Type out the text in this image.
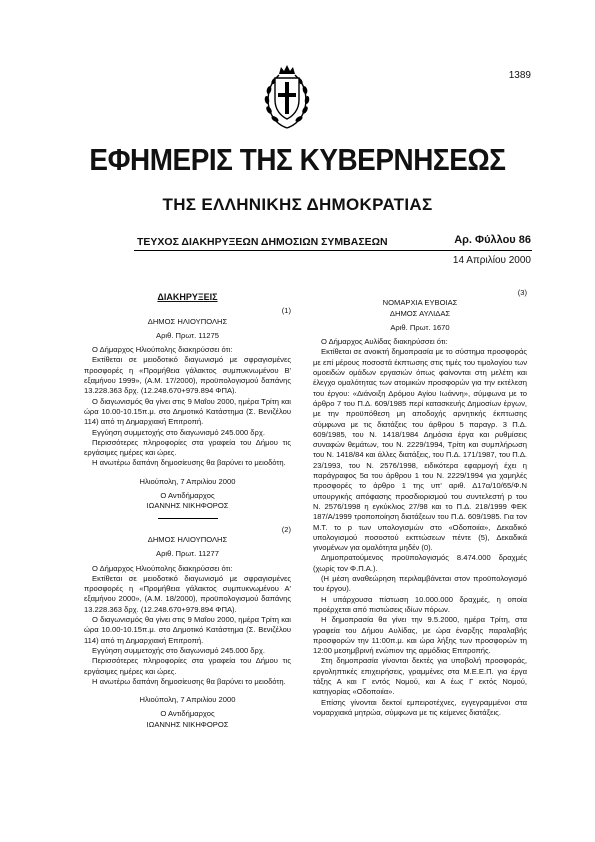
1389
ΕΦΗΜΕΡΙΣ ΤΗΣ ΚΥΒΕΡΝΗΣΕΩΣ
ΤΗΣ ΕΛΛΗΝΙΚΗΣ ΔΗΜΟΚΡΑΤΙΑΣ
ΤΕΥΧΟΣ ΔΙΑΚΗΡΥΞΕΩΝ ΔΗΜΟΣΙΩΝ ΣΥΜΒΑΣΕΩΝ	Αρ. Φύλλου 86
14 Απριλίου 2000
ΔΙΑΚΗΡΥΞΕΙΣ
(1)
ΔΗΜΟΣ ΗΛΙΟΥΠΟΛΗΣ
Αριθ. Πρωτ. 11275

Ο Δήμαρχος Ηλιούπολης διακηρύσσει ότι:

Εκτίθεται σε μειοδοτικό διαγωνισμό με σφραγισμένες προσφορές η «Προμήθεια γάλακτος συμπυκνωμένου Β' εξαμήνου 1999», (Α.Μ. 17/2000), προϋπολογισμού δαπάνης 13.228.363 δρχ. (12.248.670+979.894 ΦΠΑ).

Ο διαγωνισμός θα γίνει στις 9 Μαΐου 2000, ημέρα Τρίτη και ώρα 10.00-10.15π.μ. στο Δημοτικό Κατάστημα (Σ. Βενιζέλου 114) από τη Δημαρχιακή Επιτροπή.

Εγγύηση συμμετοχής στο διαγωνισμό 245.000 δρχ.

Περισσότερες πληροφορίες στα γραφεία του Δήμου τις εργάσιμες ημέρες και ώρες.

Η ανωτέρω δαπάνη δημοσίευσης θα βαρύνει το μειοδότη.

Ηλιούπολη, 7 Απριλίου 2000
Ο Αντιδήμαρχος
ΙΩΑΝΝΗΣ ΝΙΚΗΦΟΡΟΣ
(2)
ΔΗΜΟΣ ΗΛΙΟΥΠΟΛΗΣ
Αριθ. Πρωτ. 11277

Ο Δήμαρχος Ηλιούπολης διακηρύσσει ότι:

Εκτίθεται σε μειοδοτικό διαγωνισμό με σφραγισμένες προσφορές η «Προμήθεια γάλακτος συμπυκνωμένου Α' εξαμήνου 2000», (Α.Μ. 18/2000), προϋπολογισμού δαπάνης 13.228.363 δρχ. (12.248.670+979.894 ΦΠΑ).

Ο διαγωνισμός θα γίνει στις 9 Μαΐου 2000, ημέρα Τρίτη και ώρα 10.00-10.15π.μ. στο Δημοτικό Κατάστημα (Σ. Βενιζέλου 114) από τη Δημαρχιακή Επιτροπή.

Εγγύηση συμμετοχής στο διαγωνισμό 245.000 δρχ.

Περισσότερες πληροφορίες στα γραφεία του Δήμου τις εργάσιμες ημέρες και ώρες.

Η ανωτέρω δαπάνη δημοσίευσης θα βαρύνει το μειοδότη.

Ηλιούπολη, 7 Απριλίου 2000
Ο Αντιδήμαρχος
ΙΩΑΝΝΗΣ ΝΙΚΗΦΟΡΟΣ
(3)
ΝΟΜΑΡΧΙΑ ΕΥΒΟΙΑΣ
ΔΗΜΟΣ ΑΥΛΙΔΑΣ
Αριθ. Πρωτ. 1670

Ο Δήμαρχος Αυλίδας διακηρύσσει ότι:

Εκτίθεται σε ανοικτή δημοπρασία με το σύστημα προσφοράς με επί μέρους ποσοστά έκπτωσης στις τιμές του τιμολογίου των ομοειδών ομάδων εργασιών όπως φαίνονται στη μελέτη και έλεγχο ομαλότητας των ατομικών προσφορών για την εκτέλεση του έργου: «Διάνοιξη Δρόμου Αγίου Ιωάννη», σύμφωνα με το άρθρο 7 του Π.Δ. 609/1985 περί κατασκευής Δημοσίων έργων, με την προϋπόθεση μη αποδοχής αρνητικής έκπτωσης σύμφωνα με τις διατάξεις του άρθρου 5 παραγρ. 3 Π.Δ. 609/1985, του Ν. 1418/1984 Δημόσια έργα και ρυθμίσεις συναφών θεμάτων, του Ν. 2229/1994, Τρίτη και συμπλήρωση του Ν. 1418/84 και άλλες διατάξεις, του Π.Δ. 171/1987, του Π.Δ. 23/1993, του Ν. 2576/1998, ειδικότερα εφαρμογή έχει η παράγραφος 5α του άρθρου 1 του Ν. 2229/1994 για χαμηλές προσφορές το άρθρο 1 της υπ' αριθ. Δ17α/10/65/Φ.Ν υπουργικής απόφασης προσδιορισμού του συντελεστή p του Ν. 2576/1998 η εγκύκλιος 27/98 και το Π.Δ. 218/1999 ΦΕΚ 187/Α/1999 τροποποίηση διατάξεων του Π.Δ. 609/1985. Για τον Μ.Τ. το p των υπολογισμών στο «Οδοποιία», Δεκαδικό υπολογισμού ποσοστού εκπτώσεων πέντε (5), Δεκαδικά γινομένων για ομαλότητα μηδέν (0).

Δημοπρατούμενος προϋπολογισμός 8.474.000 δραχμές (χωρίς τον Φ.Π.Α.).

(Η μέση αναθεώρηση περιλαμβάνεται στον προϋπολογισμό του έργου).

Η υπάρχουσα πίστωση 10.000.000 δραχμές, η οποία προέρχεται από πιστώσεις ιδίων πόρων.

Η δημοπρασία θα γίνει την 9.5.2000, ημέρα Τρίτη, στα γραφεία του Δήμου Αυλίδας, με ώρα έναρξης παραλαβής προσφορών την 11:00π.μ. και ώρα λήξης των προσφορών τη 12:00 μεσημβρινή ενώπιον της αρμόδιας Επιτροπής.

Στη δημοπρασία γίνονται δεκτές για υποβολή προσφοράς, εργοληπτικές επιχειρήσεις, γραμμένες στα Μ.Ε.Ε.Π. για έργα τάξης Α και Γ εντός Νομού, και Α έως Γ εκτός Νομού, κατηγορίας «Οδοποιία».

Επίσης γίνονται δεκτοί εμπειροτέχνες, εγγεγραμμένοι στα νομαρχιακά μητρώα, σύμφωνα με τις κείμενες διατάξεις.
